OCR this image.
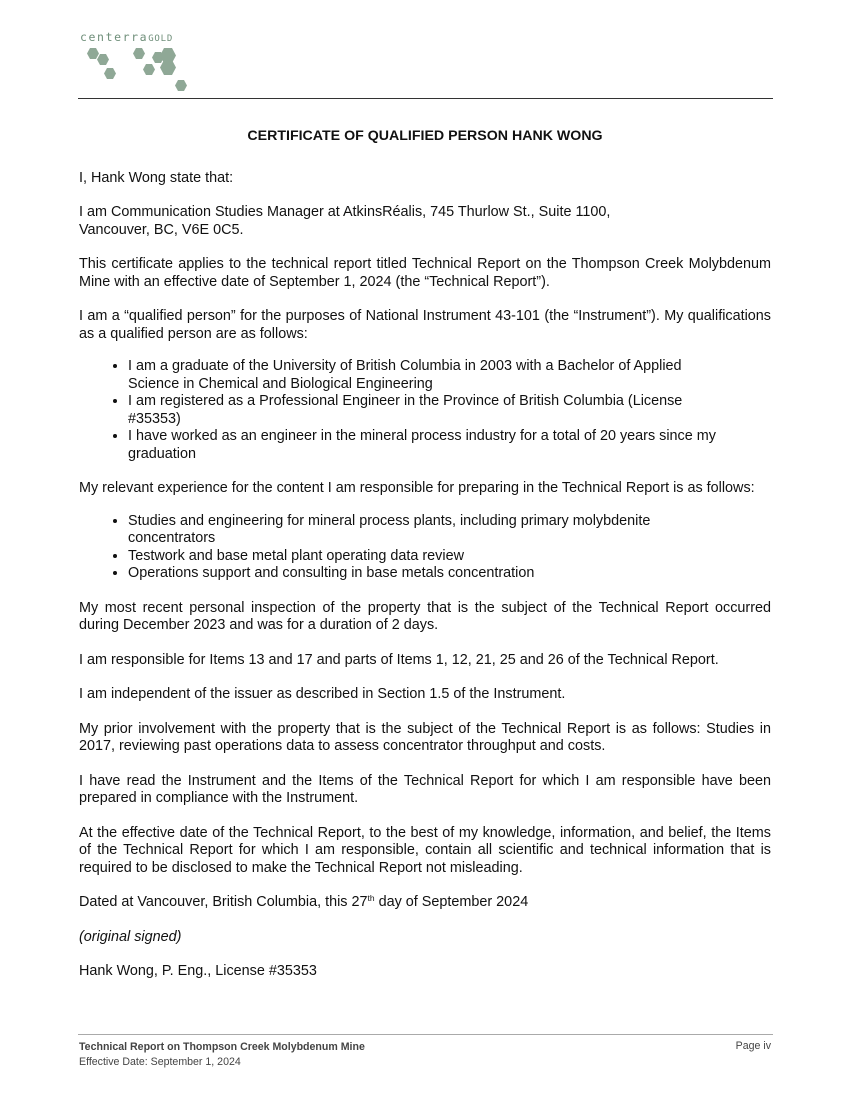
centerraGOLD
CERTIFICATE OF QUALIFIED PERSON HANK WONG

I, Hank Wong state that:

I am Communication Studies Manager at AtkinsRéalis, 745 Thurlow St., Suite 1100,
Vancouver, BC, V6E 0C5.

This certificate applies to the technical report titled Technical Report on the Thompson Creek Molybdenum Mine with an effective date of September 1, 2024 (the “Technical Report”).

I am a “qualified person” for the purposes of National Instrument 43-101 (the “Instrument”). My qualifications as a qualified person are as follows:

• I am a graduate of the University of British Columbia in 2003 with a Bachelor of Applied Science in Chemical and Biological Engineering
• I am registered as a Professional Engineer in the Province of British Columbia (License #35353)
• I have worked as an engineer in the mineral process industry for a total of 20 years since my graduation

My relevant experience for the content I am responsible for preparing in the Technical Report is as follows:

• Studies and engineering for mineral process plants, including primary molybdenite concentrators
• Testwork and base metal plant operating data review
• Operations support and consulting in base metals concentration

My most recent personal inspection of the property that is the subject of the Technical Report occurred during December 2023 and was for a duration of 2 days.

I am responsible for Items 13 and 17 and parts of Items 1, 12, 21, 25 and 26 of the Technical Report.

I am independent of the issuer as described in Section 1.5 of the Instrument.

My prior involvement with the property that is the subject of the Technical Report is as follows: Studies in 2017, reviewing past operations data to assess concentrator throughput and costs.

I have read the Instrument and the Items of the Technical Report for which I am responsible have been prepared in compliance with the Instrument.

At the effective date of the Technical Report, to the best of my knowledge, information, and belief, the Items of the Technical Report for which I am responsible, contain all scientific and technical information that is required to be disclosed to make the Technical Report not misleading.

Dated at Vancouver, British Columbia, this 27th day of September 2024

(original signed)

Hank Wong, P. Eng., License #35353

Technical Report on Thompson Creek Molybdenum Mine
Effective Date: September 1, 2024
Page iv
